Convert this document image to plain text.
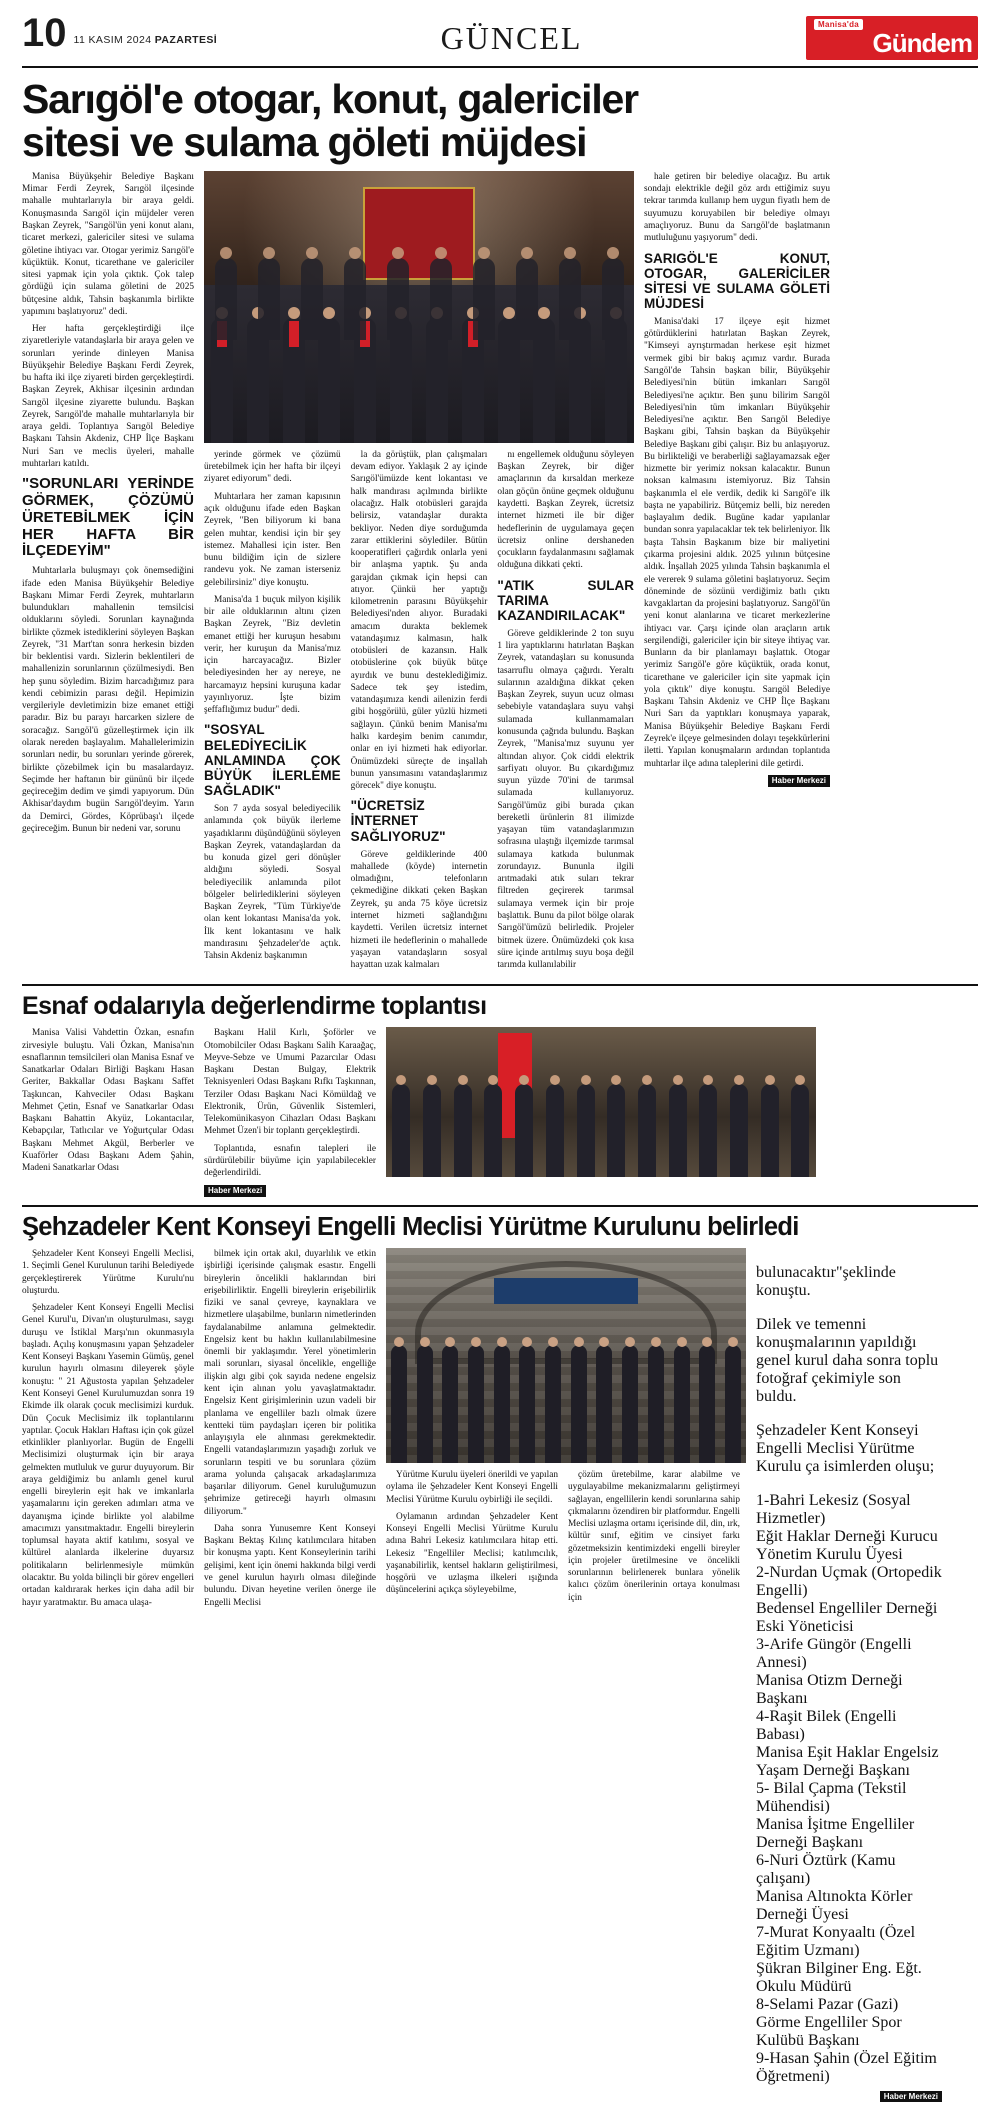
10 11 KASIM 2024 PAZARTESİ	GÜNCEL	Manisa'da
Gündem
Sarıgöl'e otogar, konut, galericiler
sitesi ve sulama göleti müjdesi

Manisa Büyükşehir Belediye Başkanı Mimar Ferdi Zeyrek, Sarıgöl ilçesinde mahalle muhtarlarıyla bir araya geldi. Konuşmasında Sarıgöl için müjdeler veren Başkan Zeyrek, "Sarıgöl'ün yeni konut alanı, ticaret merkezi, galericiler sitesi ve sulama göletine ihtiyacı var. Otogar yerimiz Sarıgöl'e küçüktük. Konut, ticarethane ve galericiler sitesi yapmak için yola çıktık. Çok talep gördüğü için sulama göletini de 2025 bütçesine aldık, Tahsin başkanımla birlikte yapımını başlatıyoruz" dedi.

Her hafta gerçekleştirdiği ilçe ziyaretleriyle vatandaşlarla bir araya gelen ve sorunları yerinde dinleyen Manisa Büyükşehir Belediye Başkanı Ferdi Zeyrek, bu hafta iki ilçe ziyareti birden gerçekleştirdi. Başkan Zeyrek, Akhisar ilçesinin ardından Sarıgöl ilçesine ziyarette bulundu. Başkan Zeyrek, Sarıgöl'de mahalle muhtarlarıyla bir araya geldi. Toplantıya Sarıgöl Belediye Başkanı Tahsin Akdeniz, CHP İlçe Başkanı Nuri Sarı ve meclis üyeleri, mahalle muhtarları katıldı.

"SORUNLARI YERİNDE GÖRMEK, ÇÖZÜMÜ ÜRETEBİLMEK İÇİN HER HAFTA BİR İLÇEDEYİM"

Muhtarlarla buluşmayı çok önemsediğini ifade eden Manisa Büyükşehir Belediye Başkanı Mimar Ferdi Zeyrek, muhtarların bulundukları mahallenin temsilcisi olduklarını söyledi. Sorunları kaynağında birlikte çözmek istediklerini söyleyen Başkan Zeyrek, "31 Mart'tan sonra herkesin bizden bir beklentisi vardı. Sizlerin beklentileri de mahallenizin sorunlarının çözülmesiydi. Ben hep şunu söyledim. Bizim harcadığımız para kendi cebimizin parası değil. Hepimizin vergileriyle devletimizin bize emanet ettiği paradır. Biz bu parayı harcarken sizlere de soracağız. Sarıgöl'ü güzelleştirmek için ilk olarak nereden başlayalım. Mahallelerimizin sorunları nedir, bu sorunları yerinde görerek, birlikte çözebilmek için bu masalardayız. Seçimde her haftanın bir gününü bir ilçede geçireceğim dedim ve şimdi yapıyorum. Dün Akhisar'daydım bugün Sarıgöl'deyim. Yarın da Demirci, Gördes, Köprübaşı'ı ilçede geçireceğim. Bunun bir nedeni var, sorunu

yerinde görmek ve çözümü üretebilmek için her hafta bir ilçeyi ziyaret ediyorum" dedi.

Muhtarlara her zaman kapısının açık olduğunu ifade eden Başkan Zeyrek, "Ben biliyorum ki bana gelen muhtar, kendisi için bir şey istemez. Mahallesi için ister. Ben bunu bildiğim için de sizlere randevu yok. Ne zaman isterseniz gelebilirsiniz" diye konuştu.

Manisa'da 1 buçuk milyon kişilik bir aile olduklarının altını çizen Başkan Zeyrek, "Biz devletin emanet ettiği her kuruşun hesabını verir, her kuruşun da Manisa'mız için harcayacağız. Bizler belediyesinden her ay nereye, ne harcamayız hepsini kuruşuna kadar yayınlıyoruz. İşte bizim şeffaflığımız budur" dedi.

"SOSYAL BELEDİYECİLİK ANLAMINDA ÇOK BÜYÜK İLERLEME SAĞLADIK"

Son 7 ayda sosyal belediyecilik anlamında çok büyük ilerleme yaşadıklarını düşündüğünü söyleyen Başkan Zeyrek, vatandaşlardan da bu konuda gizel geri dönüşler aldığını söyledi. Sosyal belediyecilik anlamında pilot bölgeler belirlediklerini söyleyen Başkan Zeyrek, "Tüm Türkiye'de olan kent lokantası Manisa'da yok. İlk kent lokantasını ve halk mandırasını Şehzadeler'de açtık. Tahsin Akdeniz başkanımın

la da görüştük, plan çalışmaları devam ediyor. Yaklaşık 2 ay içinde Sarıgöl'ümüzde kent lokantası ve halk mandırası açılmında birlikte olacağız. Halk otobüsleri garajda belirsiz, vatandaşlar durakta bekliyor. Neden diye sorduğumda zarar ettiklerini söylediler. Bütün kooperatifleri çağırdık onlarla yeni bir anlaşma yaptık. Şu anda garajdan çıkmak için hepsi can atıyor. Çünkü her yaptığı kilometrenin parasını Büyükşehir Belediyesi'nden alıyor. Buradaki amacım durakta beklemek vatandaşımız kalmasın, halk otobüsleri de kazansın. Halk otobüslerine çok büyük bütçe ayırdık ve bunu desteklediğimiz. Sadece tek şey istedim, vatandaşımıza kendi ailenizin ferdi gibi hoşgörülü, güler yüzlü hizmeti sağlayın. Çünkü benim Manisa'mı halkı kardeşim benim canımdır, onlar en iyi hizmeti hak ediyorlar. Önümüzdeki süreçte de inşallah bunun yansımasını vatandaşlarımız görecek" diye konuştu.

"ÜCRETSİZ İNTERNET SAĞLIYORUZ"

Göreve geldiklerinde 400 mahallede (köyde) internetin olmadığını, telefonların çekmediğine dikkati çeken Başkan Zeyrek, şu anda 75 köye ücretsiz internet hizmeti sağlandığını kaydetti. Verilen ücretsiz internet hizmeti ile hedeflerinin o mahallede yaşayan vatandaşların sosyal hayattan uzak kalmaları

nı engellemek olduğunu söyleyen Başkan Zeyrek, bir diğer amaçlarının da kırsaldan merkeze olan göçün önüne geçmek olduğunu kaydetti. Başkan Zeyrek, ücretsiz internet hizmeti ile bir diğer hedeflerinin de uygulamaya geçen ücretsiz online dershaneden çocukların faydalanmasını sağlamak olduğuna dikkati çekti.

"ATIK SULAR TARIMA KAZANDIRILACAK"

Göreve geldiklerinde 2 ton suyu 1 lira yaptıklarını hatırlatan Başkan Zeyrek, vatandaşları su konusunda tasarruflu olmaya çağırdı. Yeraltı sularının azaldığına dikkat çeken Başkan Zeyrek, suyun ucuz olması sebebiyle vatandaşlara suyu vahşi sulamada kullanmamaları konusunda çağrıda bulundu. Başkan Zeyrek, "Manisa'mız suyunu yer altından alıyor. Çok ciddi elektrik sarfiyatı oluyor. Bu çıkardığımız suyun yüzde 70'ini de tarımsal sulamada kullanıyoruz. Sarıgöl'ümüz gibi burada çıkan bereketli ürünlerin 81 ilimizde yaşayan tüm vatandaşlarımızın sofrasına ulaştığı ilçemizde tarımsal sulamaya katkıda bulunmak zorundayız. Bununla ilgili arıtmadaki atık suları tekrar filtreden geçirerek tarımsal sulamaya vermek için bir proje başlattık. Bunu da pilot bölge olarak Sarıgöl'ümüzü belirledik. Projeler bitmek üzere. Önümüzdeki çok kısa süre içinde arıtılmış suyu boşa değil tarımda kullanılabilir

hale getiren bir belediye olacağız. Bu artık sondajı elektrikle değil göz ardı ettiğimiz suyu tekrar tarımda kullanıp hem uygun fiyatlı hem de suyumuzu koruyabilen bir belediye olmayı amaçlıyoruz. Bunu da Sarıgöl'de başlatmanın mutluluğunu yaşıyorum" dedi.

SARIGÖL'E KONUT, OTOGAR, GALERİCİLER SİTESİ VE SULAMA GÖLETİ MÜJDESİ

Manisa'daki 17 ilçeye eşit hizmet götürdüklerini hatırlatan Başkan Zeyrek, "Kimseyi ayrıştırmadan herkese eşit hizmet vermek gibi bir bakış açımız vardır. Burada Sarıgöl'de Tahsin başkan bilir, Büyükşehir Belediyesi'nin bütün imkanları Sarıgöl Belediyesi'ne açıktır. Ben şunu bilirim Sarıgöl Belediyesi'nin tüm imkanları Büyükşehir Belediyesi'ne açıktır. Ben Sarıgöl Belediye Başkanı gibi, Tahsin başkan da Büyükşehir Belediye Başkanı gibi çalışır. Biz bu anlaşıyoruz. Bu birlikteliği ve beraberliği sağlayamazsak eğer hizmette bir yerimiz noksan kalacaktır. Bunun noksan kalmasını istemiyoruz. Biz Tahsin başkanımla el ele verdik, dedik ki Sarıgöl'e ilk başta ne yapabiliriz. Bütçemiz belli, biz nereden başlayalım dedik. Bugüne kadar yapılanlar bundan sonra yapılacaklar tek tek belirleniyor. İlk başta Tahsin Başkanım bize bir maliyetini çıkarma projesini aldık. 2025 yılının bütçesine aldık. İnşallah 2025 yılında Tahsin başkanımla el ele vererek 9 sulama göletini başlatıyoruz. Seçim döneminde de sözünü verdiğimiz batlı çıktı kavgaklartan da projesini başlatıyoruz. Sarıgöl'ün yeni konut alanlarına ve ticaret merkezlerine ihtiyacı var. Çarşı içinde olan araçların artık sergilendiği, galericiler için bir siteye ihtiyaç var. Bunların da bir planlamayı başlattık. Otogar yerimiz Sarıgöl'e göre küçüktük, orada konut, ticarethane ve galericiler için site yapmak için yola çıktık" diye konuştu. Sarıgöl Belediye Başkanı Tahsin Akdeniz ve CHP İlçe Başkanı Nuri Sarı da yaptıkları konuşmaya yaparak, Manisa Büyükşehir Belediye Başkanı Ferdi Zeyrek'e ilçeye gelmesinden dolayı teşekkürlerini iletti. Yapılan konuşmaların ardından toplantıda muhtarlar ilçe adına taleplerini dile getirdi.

Haber Merkezi
Esnaf odalarıyla değerlendirme toplantısı

Manisa Valisi Vahdettin Özkan, esnafın zirvesiyle buluştu. Vali Özkan, Manisa'nın esnaflarının temsilcileri olan Manisa Esnaf ve Sanatkarlar Odaları Birliği Başkanı Hasan Geriter, Bakkallar Odası Başkanı Saffet Taşkıncan, Kahveciler Odası Başkanı Mehmet Çetin, Esnaf ve Sanatkarlar Odası Başkanı Bahattin Akyüz, Lokantacılar, Kebapçılar, Tatlıcılar ve Yoğurtçular Odası Başkanı Mehmet Akgül, Berberler ve Kuaförler Odası Başkanı Adem Şahin, Madeni Sanatkarlar Odası

Başkanı Halil Kırlı, Şoförler ve Otomobilciler Odası Başkanı Salih Karaağaç, Meyve-Sebze ve Umumi Pazarcılar Odası Başkanı Destan Bulgay, Elektrik Teknisyenleri Odası Başkanı Rıfkı Taşkınnan, Terziler Odası Başkanı Naci Kömüldağ ve Elektronik, Ürün, Güvenlik Sistemleri, Telekomünikasyon Cihazları Odası Başkanı Mehmet Üzen'i bir toplantı gerçekleştirdi.

Toplantıda, esnafın talepleri ile sürdürülebilir büyüme için yapılabilecekler değerlendirildi.

Haber Merkezi
Şehzadeler Kent Konseyi Engelli Meclisi Yürütme Kurulunu belirledi

Şehzadeler Kent Konseyi Engelli Meclisi, 1. Seçimli Genel Kurulunun tarihi Belediyede gerçekleştirerek Yürütme Kurulu'nu oluşturdu.

Şehzadeler Kent Konseyi Engelli Meclisi Genel Kurul'u, Divan'ın oluşturulması, saygı duruşu ve İstiklal Marşı'nın okunmasıyla başladı. Açılış konuşmasını yapan Şehzadeler Kent Konseyi Başkanı Yasemin Gümüş, genel kurulun hayırlı olmasını dileyerek şöyle konuştu: " 21 Ağustosta yapılan Şehzadeler Kent Konseyi Genel Kurulumuzdan sonra 19 Ekimde ilk olarak çocuk meclisimizi kurduk. Dün Çocuk Meclisimiz ilk toplantılarını yaptılar. Çocuk Hakları Haftası için çok güzel etkinlikler planlıyorlar. Bugün de Engelli Meclisimizi oluşturmak için bir araya gelmekten mutluluk ve gurur duyuyorum. Bir araya geldiğimiz bu anlamlı genel kurul engelli bireylerin eşit hak ve imkanlarla yaşamalarını için gereken adımları atma ve dayanışma içinde birlikte yol alabilme amacımızı yansıtmaktadır. Engelli bireylerin toplumsal hayata aktif katılımı, sosyal ve kültürel alanlarda ilkelerine duyarsız politikaların belirlenmesiyle mümkün olacaktır. Bu yolda bilinçli bir görev engelleri ortadan kaldırarak herkes için daha adil bir hayır yaratmaktır. Bu amaca ulaşa-

bilmek için ortak akıl, duyarlılık ve etkin işbirliği içerisinde çalışmak esastır. Engelli bireylerin öncelikli haklarından biri erişebilirliktir. Engelli bireylerin erişebilirlik fiziki ve sanal çevreye, kaynaklara ve hizmetlere ulaşabilme, bunların nimetlerinden faydalanabilme anlamına gelmektedir. Engelsiz kent bu haklın kullanılabilmesine önemli bir yaklaşımdır. Yerel yönetimlerin mali sorunları, siyasal öncelikle, engelliğe ilişkin algı gibi çok sayıda nedene engelsiz kent için alınan yolu yavaşlatmaktadır. Engelsiz Kent girişimlerinin uzun vadeli bir planlama ve engelliler bazlı olmak üzere kentteki tüm paydaşları içeren bir politika anlayışıyla ele alınması gerekmektedir. Engelli vatandaşlarımızın yaşadığı zorluk ve sorunların tespiti ve bu sorunlara çözüm arama yolunda çalışacak arkadaşlarımıza başarılar diliyorum. Genel kuruluğumuzun şehrimize getireceği hayırlı olmasını diliyorum."

Daha sonra Yunusemre Kent Konseyi Başkanı Bektaş Kılınç katılımcılara hitaben bir konuşma yaptı. Kent Konseylerinin tarihi gelişimi, kent için önemi hakkında bilgi verdi ve genel kurulun hayırlı olması dileğinde bulundu. Divan heyetine verilen önerge ile Engelli Meclisi

Yürütme Kurulu üyeleri önerildi ve yapılan oylama ile Şehzadeler Kent Konseyi Engelli Meclisi Yürütme Kurulu oybirliği ile seçildi.

Oylamanın ardından Şehzadeler Kent Konseyi Engelli Meclisi Yürütme Kurulu adına Bahri Lekesiz katılımcılara hitap etti. Lekesiz "Engelliler Meclisi; katılımcılık, yaşanabilirlik, kentsel hakların geliştirilmesi, hoşgörü ve uzlaşma ilkeleri ışığında düşüncelerini açıkça söyleyebilme,

çözüm üretebilme, karar alabilme ve uygulayabilme mekanizmalarını geliştirmeyi sağlayan, engellilerin kendi sorunlarına sahip çıkmalarını özendiren bir platformdur. Engelli Meclisi uzlaşma ortamı içerisinde dil, din, ırk, kültür sınıf, eğitim ve cinsiyet farkı gözetmeksizin kentimizdeki engelli bireyler için projeler üretilmesine ve öncelikli sorunlarının belirlenerek bunlara yönelik kalıcı çözüm önerilerinin ortaya konulması için

bulunacaktır"şeklinde konuştu.

Dilek ve temenni konuşmalarının yapıldığı genel kurul daha sonra toplu fotoğraf çekimiyle son buldu.

Şehzadeler Kent Konseyi Engelli Meclisi Yürütme Kurulu ça isimlerden oluşu;

1-Bahri Lekesiz (Sosyal Hizmetler)

Eğit Haklar Derneği Kurucu Yönetim Kurulu Üyesi

2-Nurdan Uçmak (Ortopedik Engelli)

Bedensel Engelliler Derneği Eski Yöneticisi

3-Arife Güngör (Engelli Annesi)

Manisa Otizm Derneği Başkanı

4-Raşit Bilek (Engelli Babası)

Manisa Eşit Haklar Engelsiz Yaşam Derneği Başkanı

5- Bilal Çapma (Tekstil Mühendisi)

Manisa İşitme Engelliler Derneği Başkanı

6-Nuri Öztürk (Kamu çalışanı)

Manisa Altınokta Körler Derneği Üyesi

7-Murat Konyaaltı (Özel Eğitim Uzmanı)

Şükran Bilginer Eng. Eğt. Okulu Müdürü

8-Selami Pazar (Gazi)

Görme Engelliler Spor Kulübü Başkanı

9-Hasan Şahin (Özel Eğitim Öğretmeni)

Haber Merkezi
